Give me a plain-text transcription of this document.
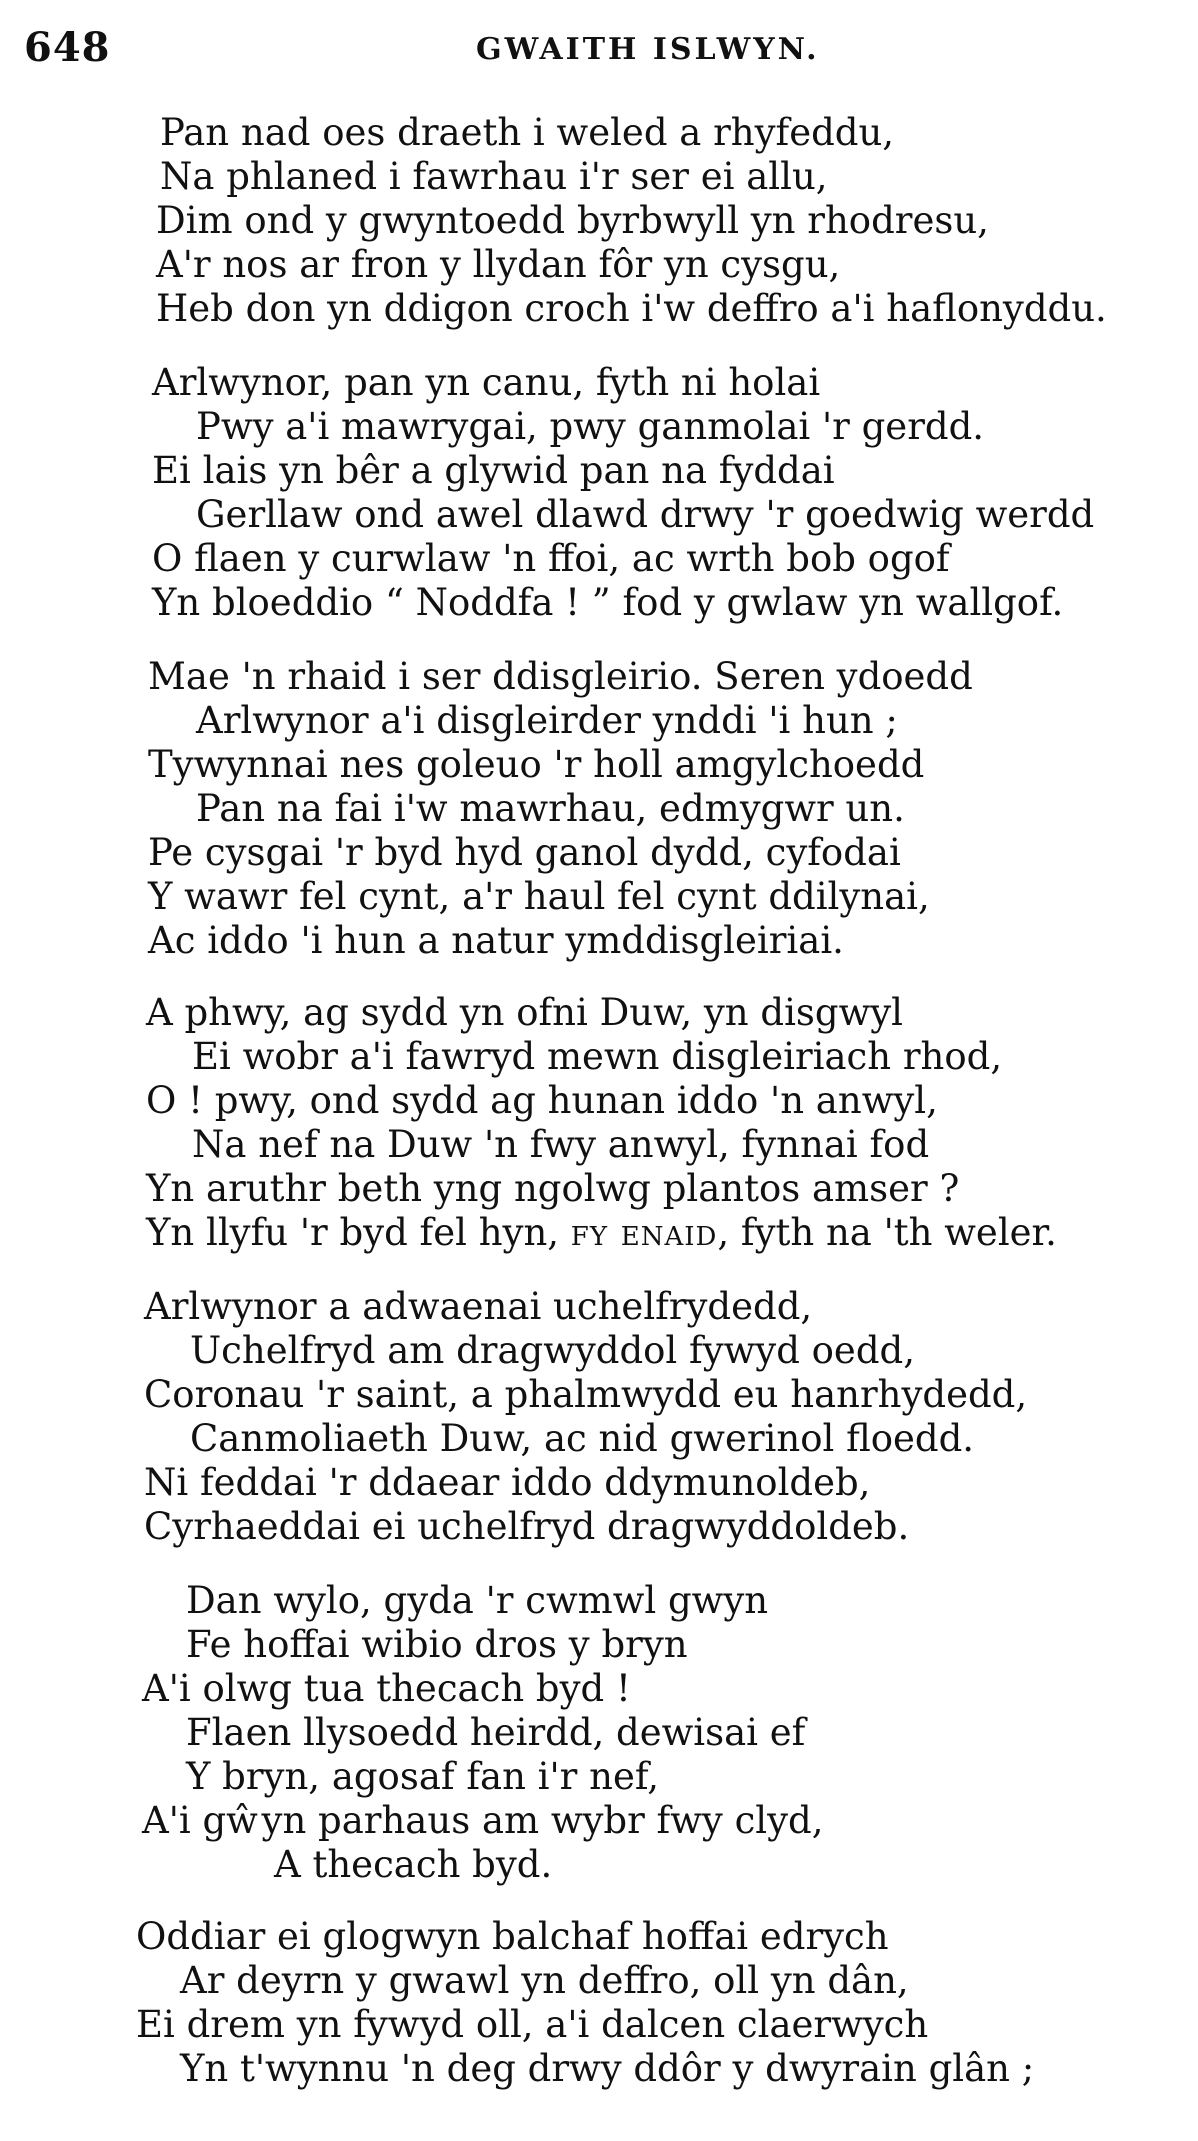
648	GWAITH ISLWYN.
Pan nad oes draeth i weled a rhyfeddu,
Na phlaned i fawrhau i'r ser ei allu,
Dim ond y gwyntoedd byrbwyll yn rhodresu,
A'r nos ar fron y llydan fôr yn cysgu,
Heb don yn ddigon croch i'w deffro a'i haflonyddu.
Arlwynor, pan yn canu, fyth ni holai
Pwy a'i mawrygai, pwy ganmolai 'r gerdd.
Ei lais yn bêr a glywid pan na fyddai
Gerllaw ond awel dlawd drwy 'r goedwig werdd
O flaen y curwlaw 'n ffoi, ac wrth bob ogof
Yn bloeddio “ Noddfa ! ” fod y gwlaw yn wallgof.
Mae 'n rhaid i ser ddisgleirio. Seren ydoedd
Arlwynor a'i disgleirder ynddi 'i hun ;
Tywynnai nes goleuo 'r holl amgylchoedd
Pan na fai i'w mawrhau, edmygwr un.
Pe cysgai 'r byd hyd ganol dydd, cyfodai
Y wawr fel cynt, a'r haul fel cynt ddilynai,
Ac iddo 'i hun a natur ymddisgleiriai.
A phwy, ag sydd yn ofni Duw, yn disgwyl
Ei wobr a'i fawryd mewn disgleiriach rhod,
O ! pwy, ond sydd ag hunan iddo 'n anwyl,
Na nef na Duw 'n fwy anwyl, fynnai fod
Yn aruthr beth yng ngolwg plantos amser ?
Yn llyfu 'r byd fel hyn, fy enaid, fyth na 'th weler.
Arlwynor a adwaenai uchelfrydedd,
Uchelfryd am dragwyddol fywyd oedd,
Coronau 'r saint, a phalmwydd eu hanrhydedd,
Canmoliaeth Duw, ac nid gwerinol floedd.
Ni feddai 'r ddaear iddo ddymunoldeb,
Cyrhaeddai ei uchelfryd dragwyddoldeb.
Dan wylo, gyda 'r cwmwl gwyn
Fe hoffai wibio dros y bryn
A'i olwg tua thecach byd !
Flaen llysoedd heirdd, dewisai ef
Y bryn, agosaf fan i'r nef,
A'i gŵyn parhaus am wybr fwy clyd,
A thecach byd.
Oddiar ei glogwyn balchaf hoffai edrych
Ar deyrn y gwawl yn deffro, oll yn dân,
Ei drem yn fywyd oll, a'i dalcen claerwych
Yn t'wynnu 'n deg drwy ddôr y dwyrain glân ;
